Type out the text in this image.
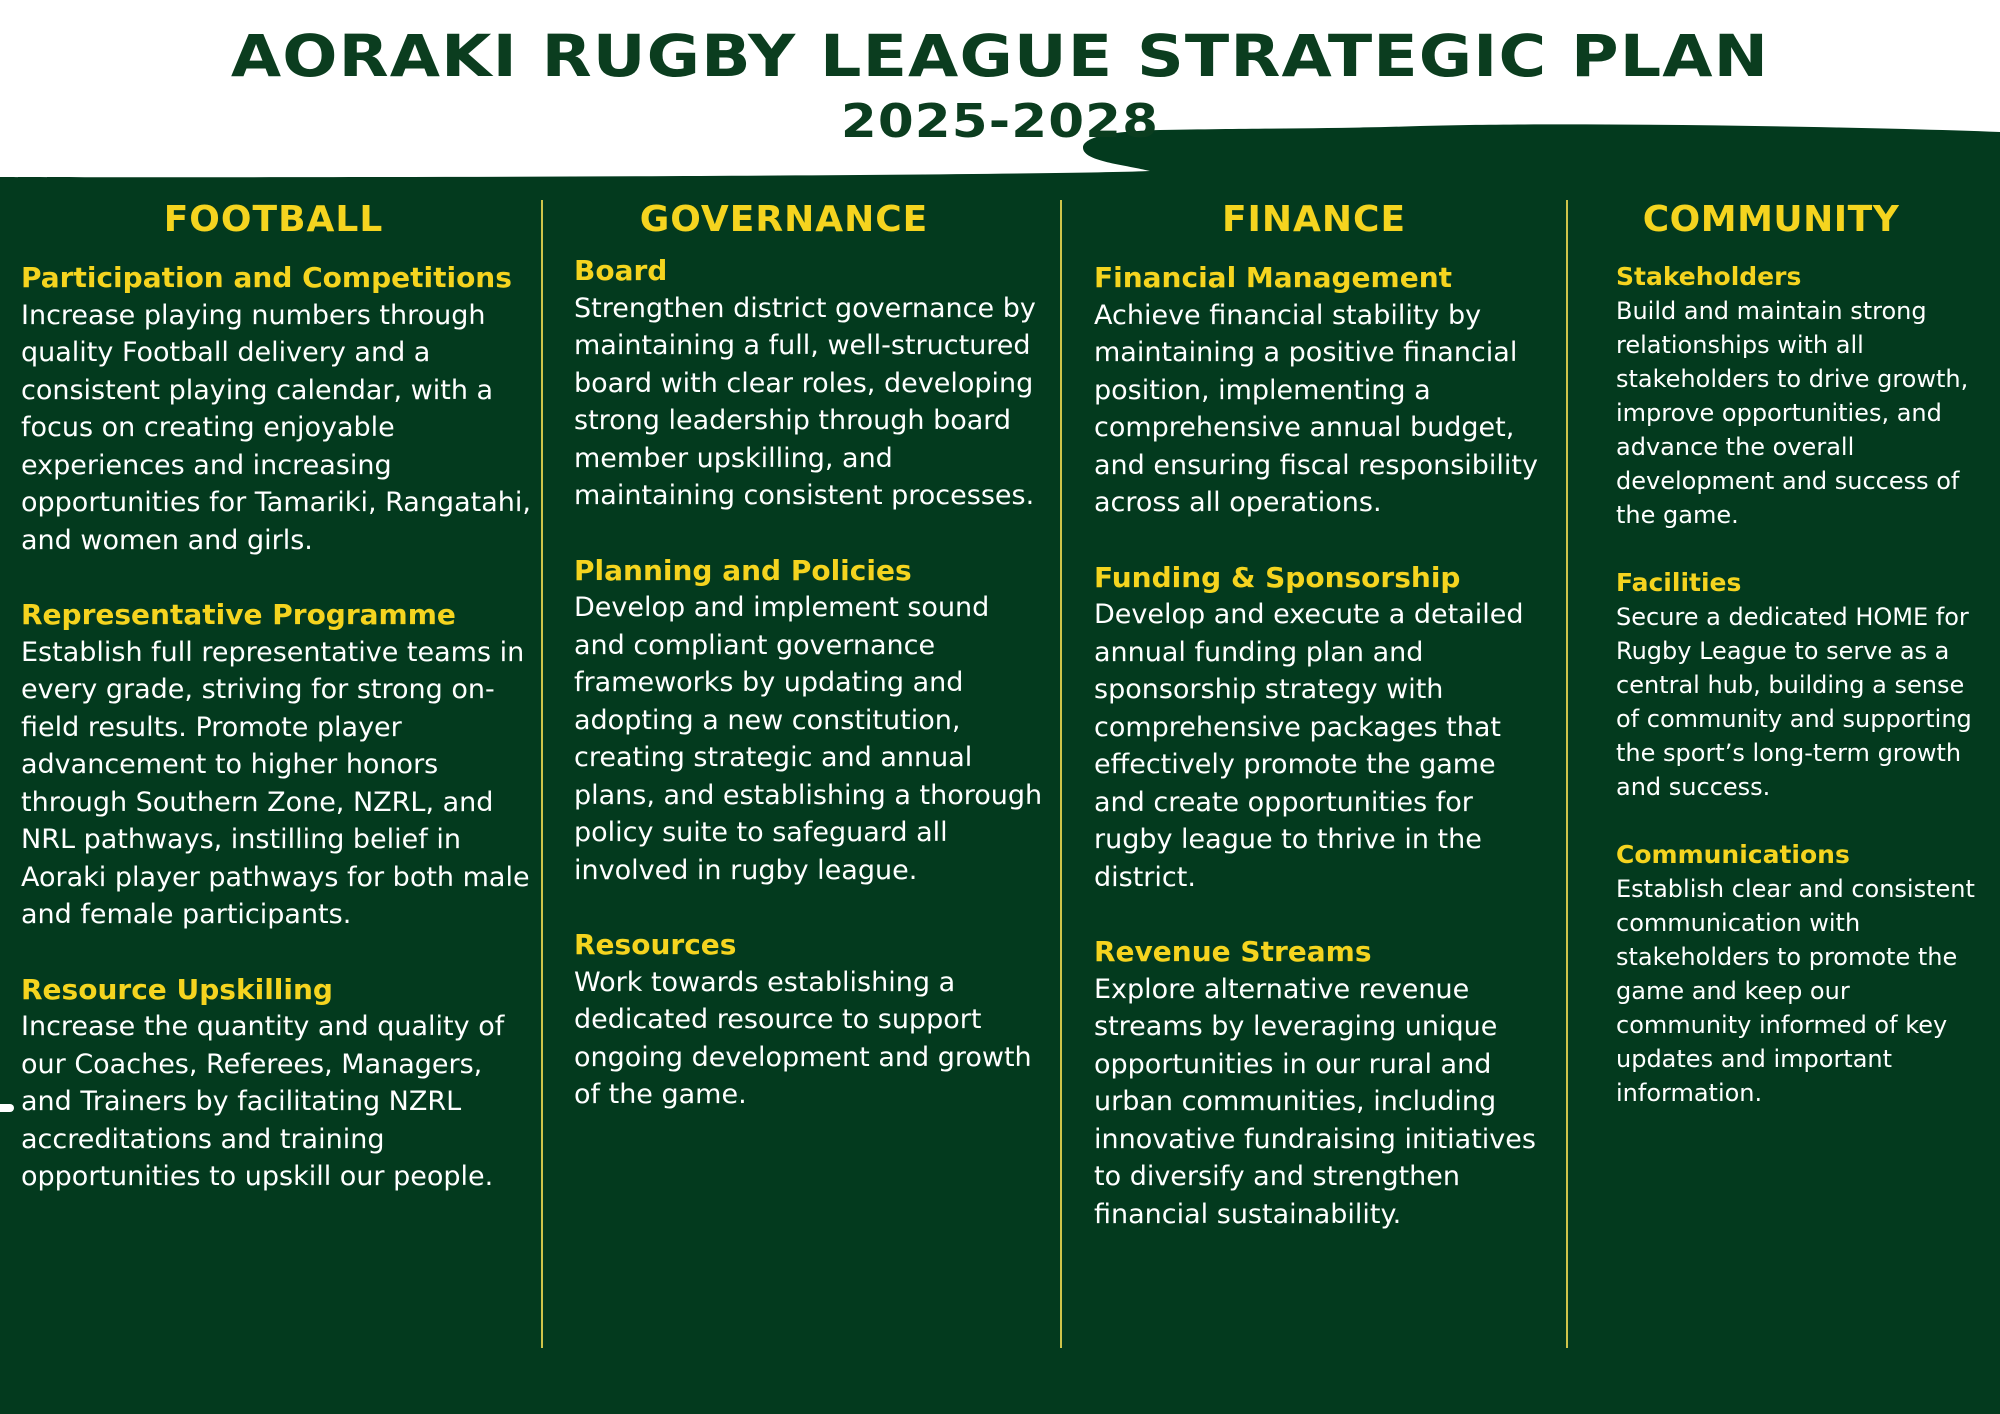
AORAKI RUGBY LEAGUE STRATEGIC PLAN
2025-2028
FOOTBALL

Participation and Competitions

Increase playing numbers through quality Football delivery and a consistent playing calendar, with a focus on creating enjoyable experiences and increasing opportunities for Tamariki, Rangatahi, and women and girls.

Representative Programme

Establish full representative teams in every grade, striving for strong on-field results. Promote player advancement to higher honors through Southern Zone, NZRL, and NRL pathways, instilling belief in Aoraki player pathways for both male and female participants.

Resource Upskilling

Increase the quantity and quality of our Coaches, Referees, Managers, and Trainers by facilitating NZRL accreditations and training opportunities to upskill our people.

GOVERNANCE

Board

Strengthen district governance by maintaining a full, well-structured board with clear roles, developing strong leadership through board member upskilling, and maintaining consistent processes.

Planning and Policies

Develop and implement sound and compliant governance frameworks by updating and adopting a new constitution, creating strategic and annual plans, and establishing a thorough policy suite to safeguard all involved in rugby league.

Resources

Work towards establishing a dedicated resource to support ongoing development and growth of the game.

FINANCE

Financial Management

Achieve financial stability by maintaining a positive financial position, implementing a comprehensive annual budget, and ensuring fiscal responsibility across all operations.

Funding & Sponsorship

Develop and execute a detailed annual funding plan and sponsorship strategy with comprehensive packages that effectively promote the game and create opportunities for rugby league to thrive in the district.

Revenue Streams

Explore alternative revenue streams by leveraging unique opportunities in our rural and urban communities, including innovative fundraising initiatives to diversify and strengthen financial sustainability.

COMMUNITY

Stakeholders

Build and maintain strong relationships with all stakeholders to drive growth, improve opportunities, and advance the overall development and success of the game.

Facilities

Secure a dedicated HOME for Rugby League to serve as a central hub, building a sense of community and supporting the sport’s long-term growth and success.

Communications

Establish clear and consistent communication with stakeholders to promote the game and keep our community informed of key updates and important information.
